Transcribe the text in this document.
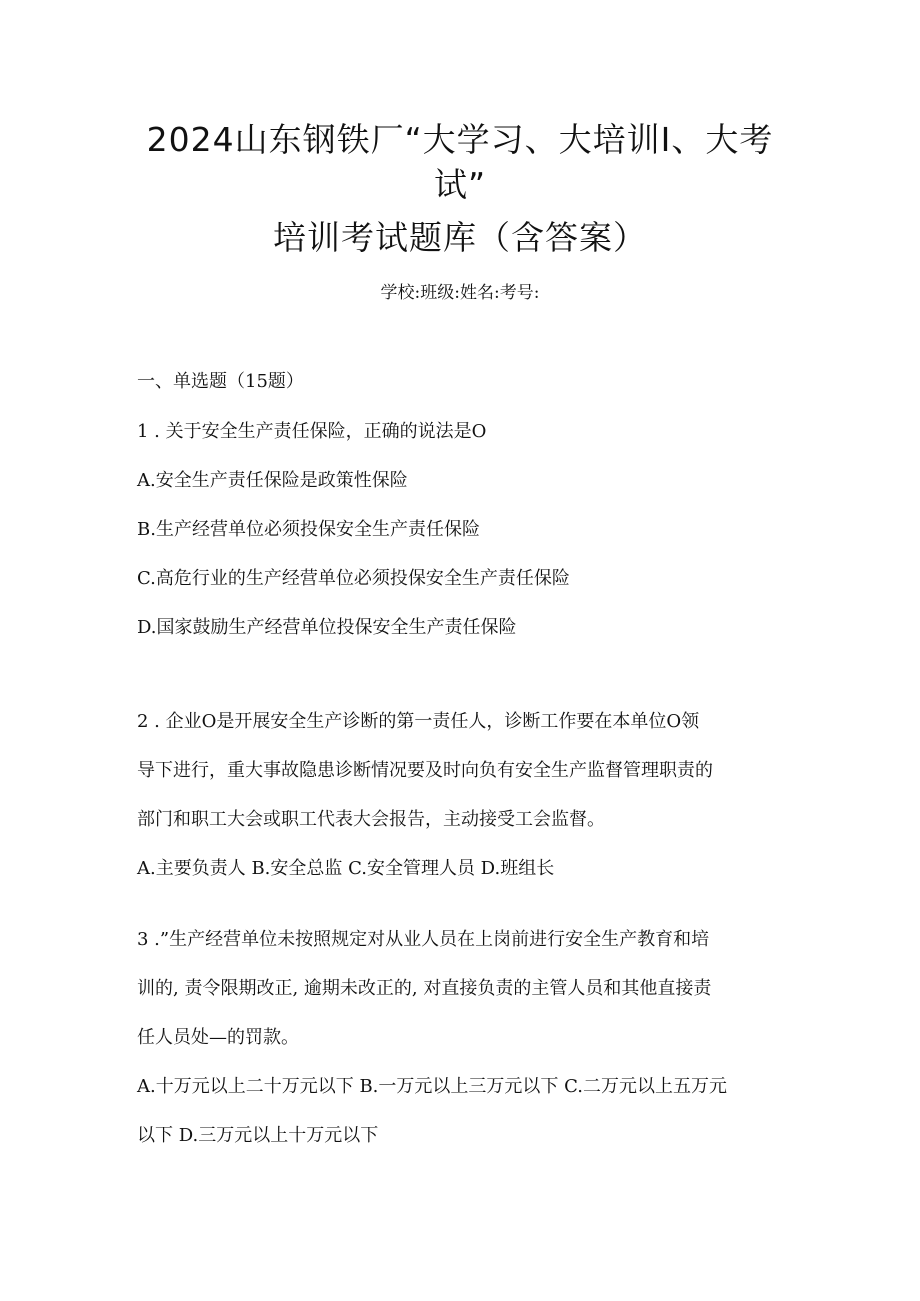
2024山东钢铁厂“大学习、大培训I、大考
试”
培训考试题库（含答案）

学校:班级:姓名:考号:

一、单选题（15题）

1 . 关于安全生产责任保险，正确的说法是O

A.安全生产责任保险是政策性保险

B.生产经营单位必须投保安全生产责任保险

C.高危行业的生产经营单位必须投保安全生产责任保险

D.国家鼓励生产经营单位投保安全生产责任保险

2 . 企业O是开展安全生产诊断的第一责任人，诊断工作要在本单位O领

导下进行，重大事故隐患诊断情况要及时向负有安全生产监督管理职责的

部门和职工大会或职工代表大会报告，主动接受工会监督。

A.主要负责人 B.安全总监 C.安全管理人员 D.班组长

3 .”生产经营单位未按照规定对从业人员在上岗前进行安全生产教育和培

训的, 责令限期改正, 逾期未改正的, 对直接负责的主管人员和其他直接责

任人员处—的罚款。

A.十万元以上二十万元以下 B.一万元以上三万元以下 C.二万元以上五万元

以下 D.三万元以上十万元以下
